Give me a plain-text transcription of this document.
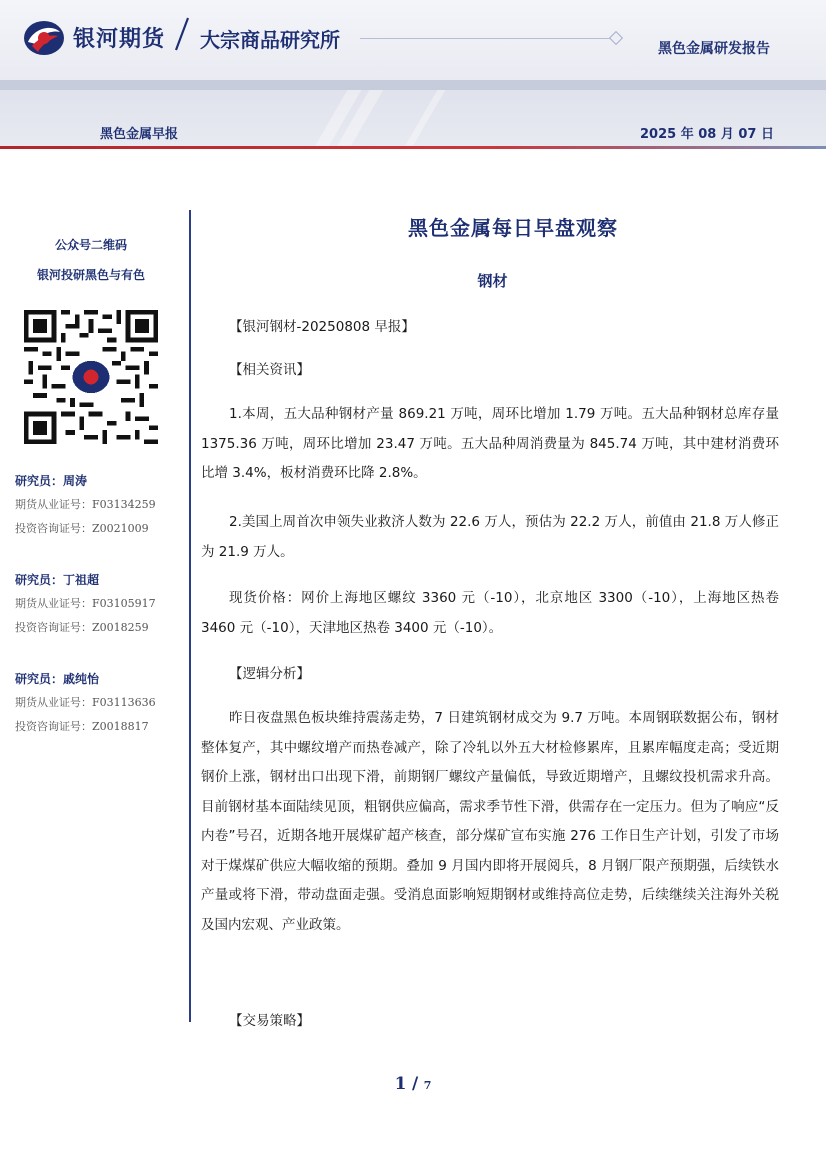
银河期货 大宗商品研究所	黑色金属研发报告
黑色金属早报	2025 年 08 月 07 日
公众号二维码
银河投研黑色与有色
研究员：周涛
期货从业证号：F03134259
投资咨询证号：Z0021009
研究员：丁祖超
期货从业证号：F03105917
投资咨询证号：Z0018259
研究员：戚纯怡
期货从业证号：F03113636
投资咨询证号：Z0018817
黑色金属每日早盘观察
钢材
【银河钢材-20250808 早报】
【相关资讯】
1.本周，五大品种钢材产量 869.21 万吨，周环比增加 1.79 万吨。五大品种钢材总库存量 1375.36 万吨，周环比增加 23.47 万吨。五大品种周消费量为 845.74 万吨，其中建材消费环比增 3.4%，板材消费环比降 2.8%。
2.美国上周首次申领失业救济人数为 22.6 万人，预估为 22.2 万人，前值由 21.8 万人修正为 21.9 万人。
现货价格：网价上海地区螺纹 3360 元（-10），北京地区 3300（-10），上海地区热卷 3460 元（-10），天津地区热卷 3400 元（-10）。
【逻辑分析】
昨日夜盘黑色板块维持震荡走势，7 日建筑钢材成交为 9.7 万吨。本周钢联数据公布，钢材整体复产，其中螺纹增产而热卷减产，除了冷轧以外五大材检修累库，且累库幅度走高；受近期钢价上涨，钢材出口出现下滑，前期钢厂螺纹产量偏低，导致近期增产，且螺纹投机需求升高。目前钢材基本面陆续见顶，粗钢供应偏高，需求季节性下滑，供需存在一定压力。但为了响应“反内卷”号召，近期各地开展煤矿超产核查，部分煤矿宣布实施 276 工作日生产计划，引发了市场对于煤煤矿供应大幅收缩的预期。叠加 9 月国内即将开展阅兵，8 月钢厂限产预期强，后续铁水产量或将下滑，带动盘面走强。受消息面影响短期钢材或维持高位走势，后续继续关注海外关税及国内宏观、产业政策。
【交易策略】
1 / 7
